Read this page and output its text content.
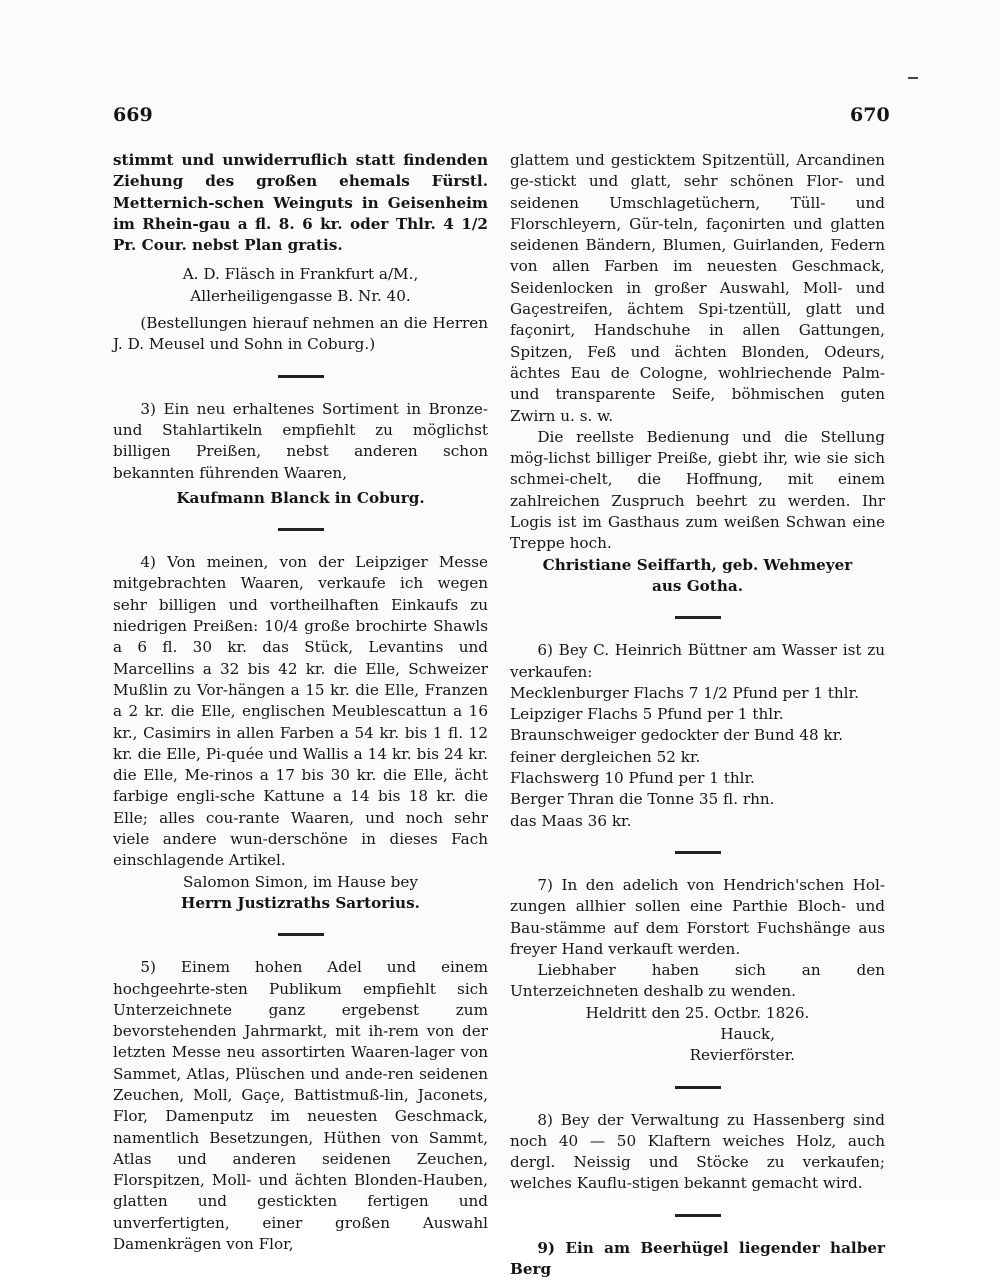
669	670

stimmt und unwiderruflich statt findenden Ziehung des großen ehemals Fürstl. Metternich-schen Weinguts in Geisenheim im Rhein-gau a fl. 8. 6 kr. oder Thlr. 4 1/2 Pr. Cour. nebst Plan gratis.

A. D. Fläsch in Frankfurt a/M.,

Allerheiligengasse B. Nr. 40.

(Bestellungen hierauf nehmen an die Herren J. D. Meusel und Sohn in Coburg.)

3) Ein neu erhaltenes Sortiment in Bronze- und Stahlartikeln empfiehlt zu möglichst billigen Preißen, nebst anderen schon bekannten führenden Waaren,

Kaufmann Blanck in Coburg.

4) Von meinen, von der Leipziger Messe mitgebrachten Waaren, verkaufe ich wegen sehr billigen und vortheilhaften Einkaufs zu niedrigen Preißen: 10/4 große brochirte Shawls a 6 fl. 30 kr. das Stück, Levantins und Marcellins a 32 bis 42 kr. die Elle, Schweizer Mußlin zu Vor-hängen a 15 kr. die Elle, Franzen a 2 kr. die Elle, englischen Meublescattun a 16 kr., Casimirs in allen Farben a 54 kr. bis 1 fl. 12 kr. die Elle, Pi-quée und Wallis a 14 kr. bis 24 kr. die Elle, Me-rinos a 17 bis 30 kr. die Elle, ächt farbige engli-sche Kattune a 14 bis 18 kr. die Elle; alles cou-rante Waaren, und noch sehr viele andere wun-derschöne in dieses Fach einschlagende Artikel.

Salomon Simon, im Hause bey

Herrn Justizraths Sartorius.

5) Einem hohen Adel und einem hochgeehrte-sten Publikum empfiehlt sich Unterzeichnete ganz ergebenst zum bevorstehenden Jahrmarkt, mit ih-rem von der letzten Messe neu assortirten Waaren-lager von Sammet, Atlas, Plüschen und ande-ren seidenen Zeuchen, Moll, Gaçe, Battistmuß-lin, Jaconets, Flor, Damenputz im neuesten Geschmack, namentlich Besetzungen, Hüthen von Sammt, Atlas und anderen seidenen Zeuchen, Florspitzen, Moll- und ächten Blonden-Hauben, glatten und gestickten fertigen und unverfertigten, einer großen Auswahl Damenkrägen von Flor,

glattem und gesticktem Spitzentüll, Arcandinen ge-stickt und glatt, sehr schönen Flor- und seidenen Umschlagetüchern, Tüll- und Florschleyern, Gür-teln, façonirten und glatten seidenen Bändern, Blumen, Guirlanden, Federn von allen Farben im neuesten Geschmack, Seidenlocken in großer Auswahl, Moll- und Gaçestreifen, ächtem Spi-tzentüll, glatt und façonirt, Handschuhe in allen Gattungen, Spitzen, Feß und ächten Blonden, Odeurs, ächtes Eau de Cologne, wohlriechende Palm- und transparente Seife, böhmischen guten Zwirn u. s. w.

Die reellste Bedienung und die Stellung mög-lichst billiger Preiße, giebt ihr, wie sie sich schmei-chelt, die Hoffnung, mit einem zahlreichen Zuspruch beehrt zu werden. Ihr Logis ist im Gasthaus zum weißen Schwan eine Treppe hoch.

Christiane Seiffarth, geb. Wehmeyer

aus Gotha.

6) Bey C. Heinrich Büttner am Wasser ist zu verkaufen:

Mecklenburger Flachs 7 1/2 Pfund per 1 thlr.

Leipziger Flachs 5 Pfund per 1 thlr.

Braunschweiger gedockter der Bund 48 kr.

feiner dergleichen 52 kr.

Flachswerg 10 Pfund per 1 thlr.

Berger Thran die Tonne 35 fl. rhn.

das Maas 36 kr.

7) In den adelich von Hendrich'schen Hol-zungen allhier sollen eine Parthie Bloch- und Bau-stämme auf dem Forstort Fuchshänge aus freyer Hand verkauft werden.

Liebhaber haben sich an den Unterzeichneten deshalb zu wenden.

Heldritt den 25. Octbr. 1826.

Hauck,

Revierförster.

8) Bey der Verwaltung zu Hassenberg sind noch 40 — 50 Klaftern weiches Holz, auch dergl. Neissig und Stöcke zu verkaufen; welches Kauflu-stigen bekannt gemacht wird.

9) Ein am Beerhügel liegender halber Berg
